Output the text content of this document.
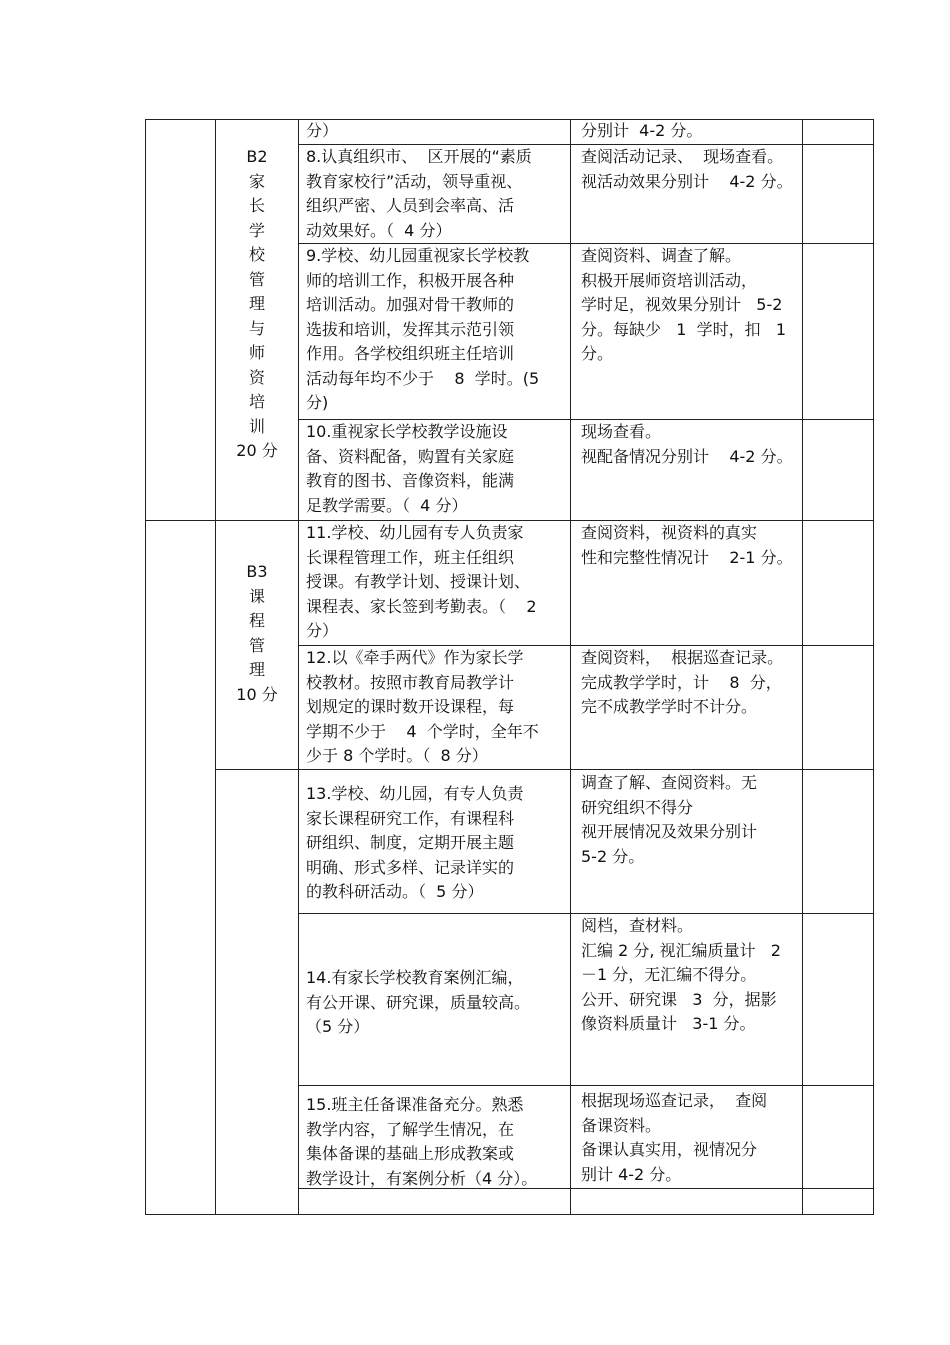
B2
家
长
学
校
管
理
与
师
资
培
训
20 分
B3
课
程
管
理
10 分
分）
8.认真组织市、  区开展的“素质
教育家校行”活动，领导重视、
组织严密、人员到会率高、活
动效果好。（  4 分）
9.学校、幼儿园重视家长学校教
师的培训工作，积极开展各种
培训活动。加强对骨干教师的
选拔和培训，发挥其示范引领
作用。各学校组织班主任培训
活动每年均不少于    8  学时。(5
分)
10.重视家长学校教学设施设
备、资料配备，购置有关家庭
教育的图书、音像资料，能满
足教学需要。（  4 分）
11.学校、幼儿园有专人负责家
长课程管理工作，班主任组织
授课。有教学计划、授课计划、
课程表、家长签到考勤表。（    2
分）
12.以《牵手两代》作为家长学
校教材。按照市教育局教学计
划规定的课时数开设课程，每
学期不少于    4  个学时，全年不
少于 8 个学时。（  8 分）
13.学校、幼儿园，有专人负责
家长课程研究工作，有课程科
研组织、制度，定期开展主题
明确、形式多样、记录详实的
的教科研活动。（  5 分）
14.有家长学校教育案例汇编，
有公开课、研究课，质量较高。
（5 分）
15.班主任备课准备充分。熟悉
教学内容，了解学生情况，在
集体备课的基础上形成教案或
教学设计，有案例分析（4 分）。
分别计  4-2 分。
查阅活动记录、  现场查看。
视活动效果分别计    4-2 分。
查阅资料、调查了解。
积极开展师资培训活动，
学时足，视效果分别计   5-2
分。每缺少   1  学时，扣   1
分。
现场查看。
视配备情况分别计    4-2 分。
查阅资料，视资料的真实
性和完整性情况计    2-1 分。
查阅资料，  根据巡查记录。
完成教学学时，计    8  分，
完不成教学学时不计分。
调查了解、查阅资料。无
研究组织不得分
视开展情况及效果分别计
5-2 分。
阅档，查材料。
汇编 2 分, 视汇编质量计   2
－1 分，无汇编不得分。
公开、研究课   3  分，据影
像资料质量计   3-1 分。
根据现场巡查记录，  查阅
备课资料。
备课认真实用，视情况分
别计 4-2 分。
